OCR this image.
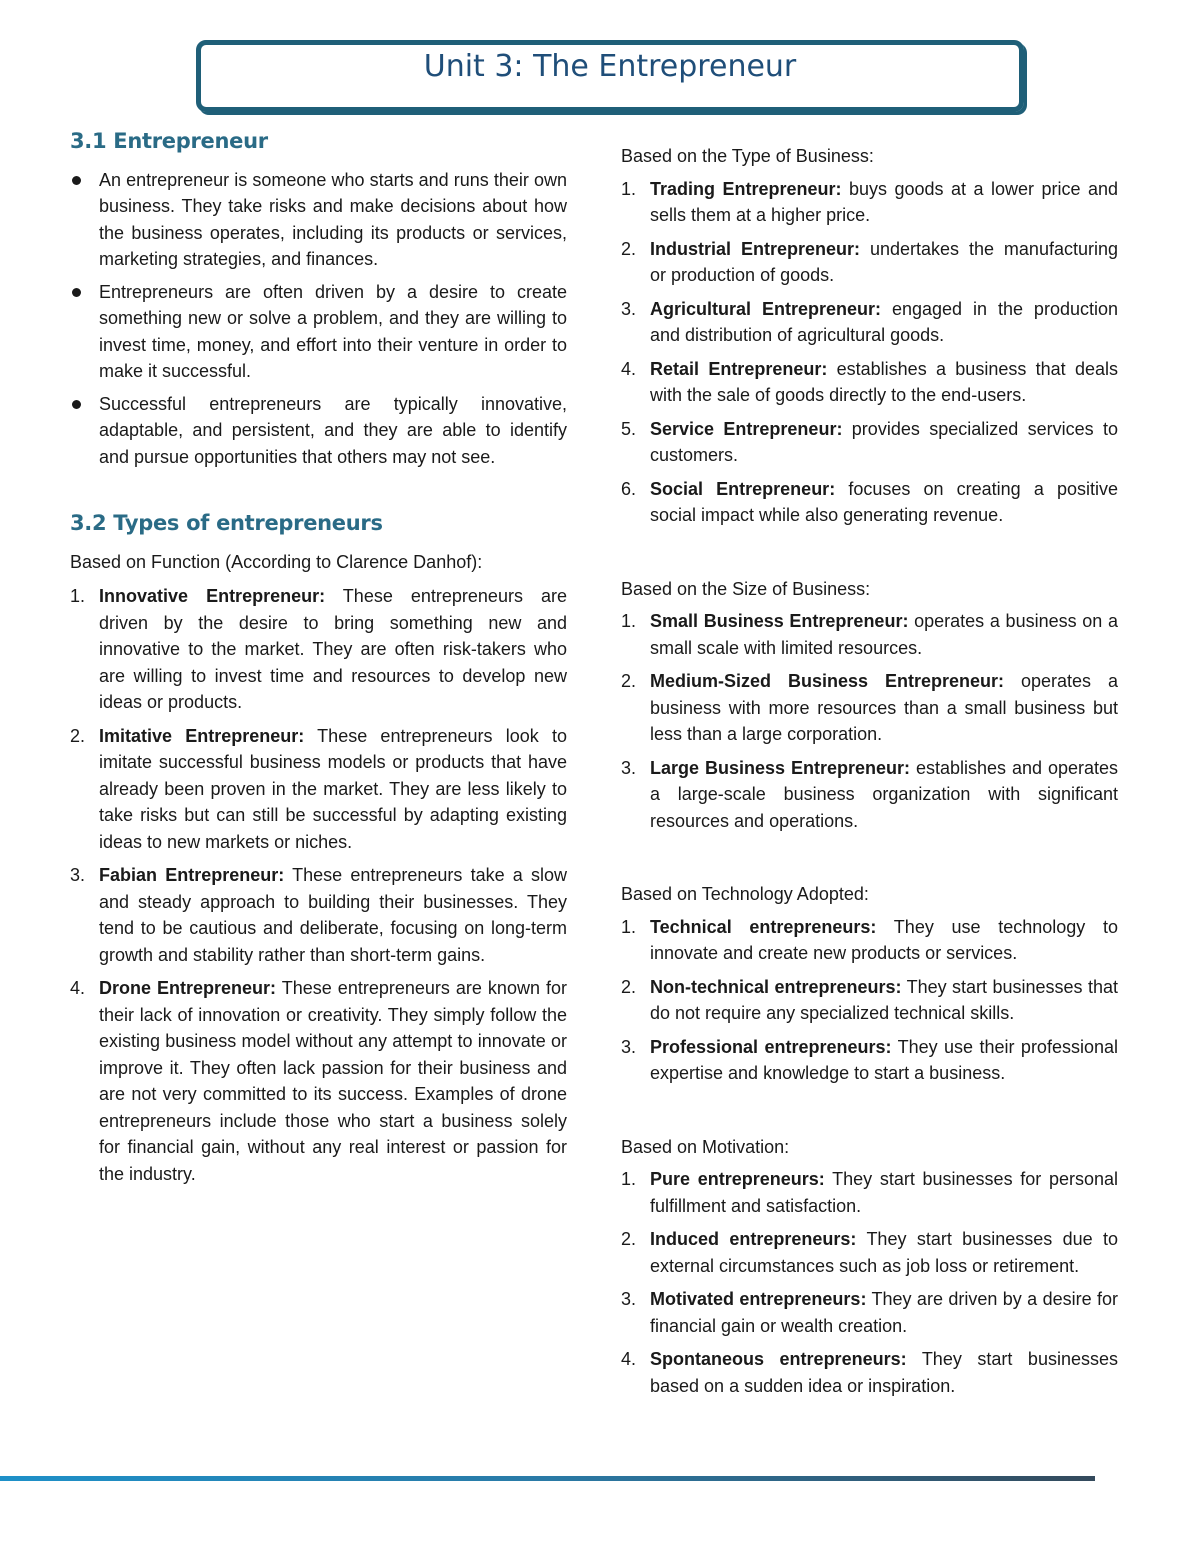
Unit 3: The Entrepreneur
3.1 Entrepreneur
An entrepreneur is someone who starts and runs their own business. They take risks and make decisions about how the business operates, including its products or services, marketing strategies, and finances.
Entrepreneurs are often driven by a desire to create something new or solve a problem, and they are willing to invest time, money, and effort into their venture in order to make it successful.
Successful entrepreneurs are typically innovative, adaptable, and persistent, and they are able to identify and pursue opportunities that others may not see.
3.2 Types of entrepreneurs

Based on Function (According to Clarence Danhof):

1. Innovative Entrepreneur: These entrepreneurs are driven by the desire to bring something new and innovative to the market. They are often risk-takers who are willing to invest time and resources to develop new ideas or products.
2. Imitative Entrepreneur: These entrepreneurs look to imitate successful business models or products that have already been proven in the market. They are less likely to take risks but can still be successful by adapting existing ideas to new markets or niches.
3. Fabian Entrepreneur: These entrepreneurs take a slow and steady approach to building their businesses. They tend to be cautious and deliberate, focusing on long-term growth and stability rather than short-term gains.
4. Drone Entrepreneur: These entrepreneurs are known for their lack of innovation or creativity. They simply follow the existing business model without any attempt to innovate or improve it. They often lack passion for their business and are not very committed to its success. Examples of drone entrepreneurs include those who start a business solely for financial gain, without any real interest or passion for the industry.

Based on the Type of Business:

1. Trading Entrepreneur: buys goods at a lower price and sells them at a higher price.
2. Industrial Entrepreneur: undertakes the manufacturing or production of goods.
3. Agricultural Entrepreneur: engaged in the production and distribution of agricultural goods.
4. Retail Entrepreneur: establishes a business that deals with the sale of goods directly to the end-users.
5. Service Entrepreneur: provides specialized services to customers.
6. Social Entrepreneur: focuses on creating a positive social impact while also generating revenue.

Based on the Size of Business:

1. Small Business Entrepreneur: operates a business on a small scale with limited resources.
2. Medium-Sized Business Entrepreneur: operates a business with more resources than a small business but less than a large corporation.
3. Large Business Entrepreneur: establishes and operates a large-scale business organization with significant resources and operations.

Based on Technology Adopted:

1. Technical entrepreneurs: They use technology to innovate and create new products or services.
2. Non-technical entrepreneurs: They start businesses that do not require any specialized technical skills.
3. Professional entrepreneurs: They use their professional expertise and knowledge to start a business.

Based on Motivation:

1. Pure entrepreneurs: They start businesses for personal fulfillment and satisfaction.
2. Induced entrepreneurs: They start businesses due to external circumstances such as job loss or retirement.
3. Motivated entrepreneurs: They are driven by a desire for financial gain or wealth creation.
4. Spontaneous entrepreneurs: They start businesses based on a sudden idea or inspiration.
